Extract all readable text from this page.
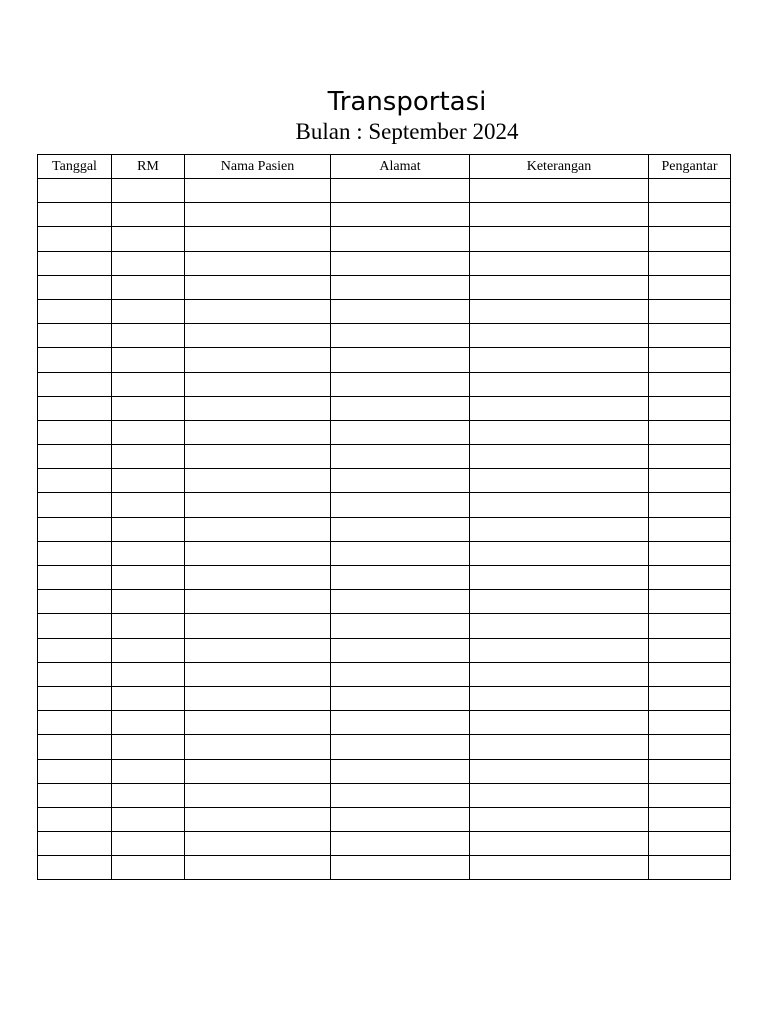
Transportasi
Bulan : September 2024
Tanggal	RM	Nama Pasien	Alamat	Keterangan	Pengantar
